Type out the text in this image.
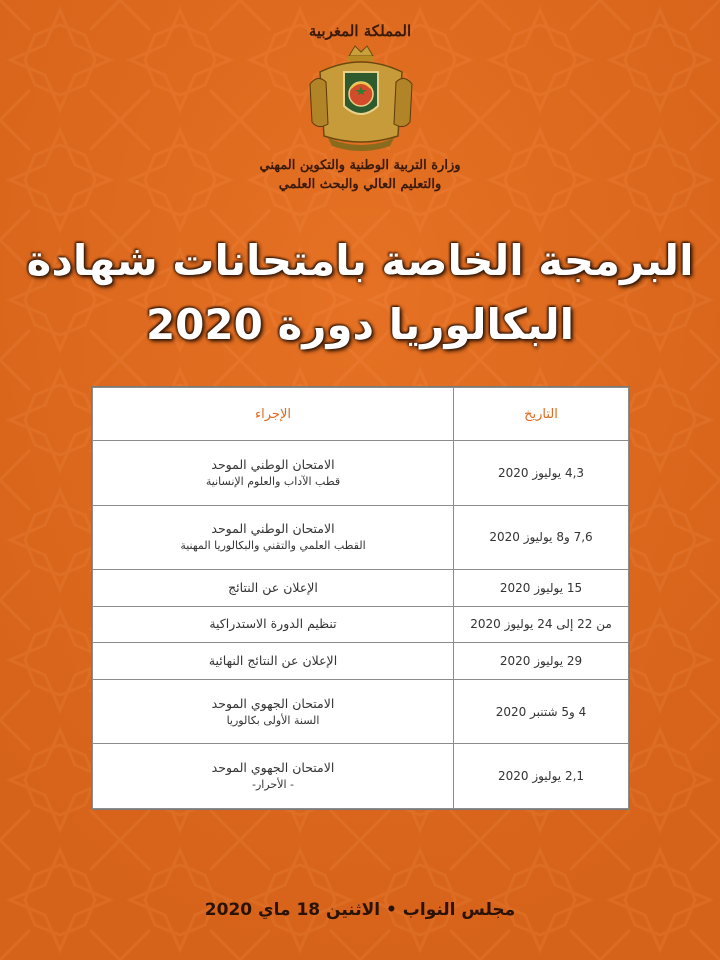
المملكة المغربية
وزارة التربية الوطنية والتكوين المهني
والتعليم العالي والبحث العلمي
البرمجة الخاصة بامتحانات شهادة
البكالوريا دورة 2020
التاريخ	الإجراء
4,3 يوليوز 2020	الامتحان الوطني الموحد
قطب الآداب والعلوم الإنسانية

7,6 و8 يوليوز 2020	الامتحان الوطني الموحد
القطب العلمي والتقني والبكالوريا المهنية

15 يوليوز 2020	الإعلان عن النتائج

من 22 إلى 24 يوليوز 2020	تنظيم الدورة الاستدراكية

29 يوليوز 2020	الإعلان عن النتائج النهائية

4 و5 شتنبر 2020	الامتحان الجهوي الموحد
السنة الأولى بكالوريا

2,1 يوليوز 2020	الامتحان الجهوي الموحد
- الأحرار-
مجلس النواب • الاثنين 18 ماي 2020
